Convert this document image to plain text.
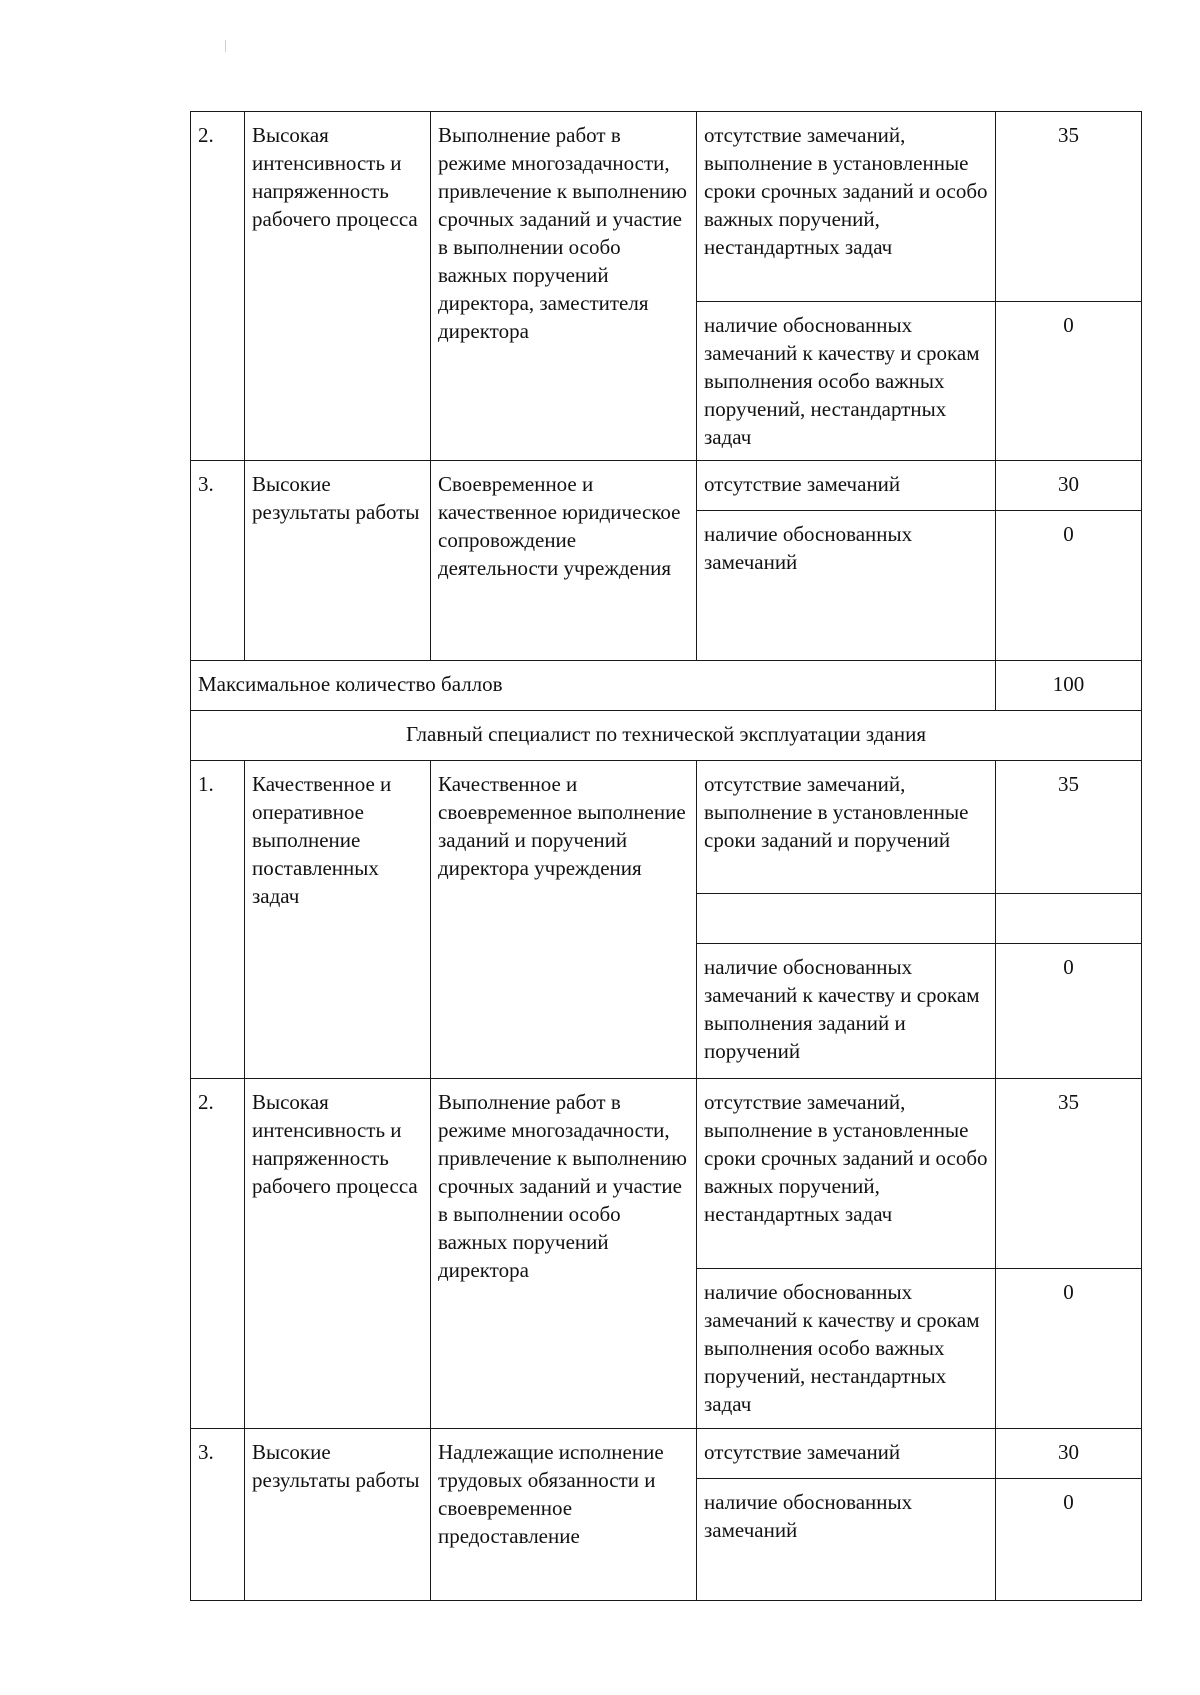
2.	Высокая интенсивность и напряженность рабочего процесса	Выполнение работ в режиме многозадачности, привлечение к выполнению срочных заданий и участие в выполнении особо важных поручений директора, заместителя директора	отсутствие замечаний, выполнение в установленные сроки срочных заданий и особо важных поручений, нестандартных задач	35
			наличие обоснованных замечаний к качеству и срокам выполнения особо важных поручений, нестандартных задач	0
3.	Высокие результаты работы	Своевременное и качественное юридическое сопровождение деятельности учреждения	отсутствие замечаний	30
			наличие обоснованных замечаний	0
Максимальное количество баллов				100
Главный специалист по технической эксплуатации здания				
1.	Качественное и оперативное выполнение поставленных задач	Качественное и своевременное выполнение заданий и поручений директора учреждения	отсутствие замечаний, выполнение в установленные сроки заданий и поручений	35

			наличие обоснованных замечаний к качеству и срокам выполнения заданий и поручений	0
2.	Высокая интенсивность и напряженность рабочего процесса	Выполнение работ в режиме многозадачности, привлечение к выполнению срочных заданий и участие в выполнении особо важных поручений директора	отсутствие замечаний, выполнение в установленные сроки срочных заданий и особо важных поручений, нестандартных задач	35
			наличие обоснованных замечаний к качеству и срокам выполнения особо важных поручений, нестандартных задач	0
3.	Высокие результаты работы	Надлежащие исполнение трудовых обязанности и своевременное предоставление	отсутствие замечаний	30
			наличие обоснованных замечаний	0
